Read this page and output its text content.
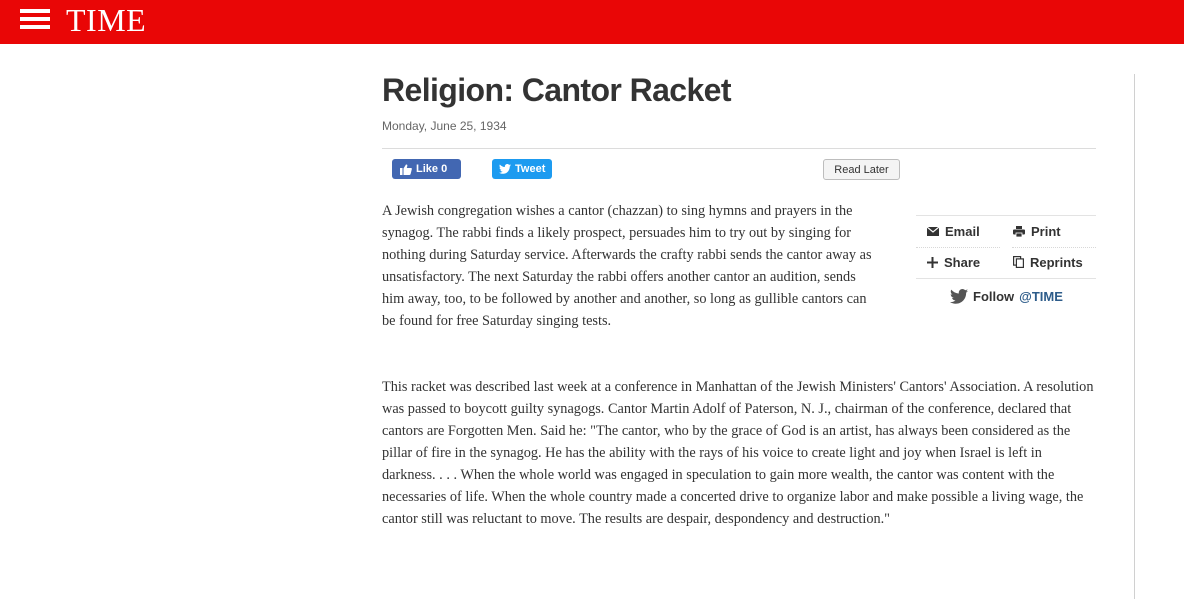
TIME
Religion: Cantor Racket
Monday, June 25, 1934
Like 0	Tweet	Read Later

A Jewish congregation wishes a cantor (chazzan) to sing hymns and prayers in the synagog. The rabbi finds a likely prospect, persuades him to try out by singing for nothing during Saturday service. Afterwards the crafty rabbi sends the cantor away as unsatisfactory. The next Saturday the rabbi offers another cantor an audition, sends him away, too, to be followed by another and another, so long as gullible cantors can be found for free Saturday singing tests.

Email	Print
Share	Reprints
Follow @TIME

This racket was described last week at a conference in Manhattan of the Jewish Ministers' Cantors' Association. A resolution was passed to boycott guilty synagogs. Cantor Martin Adolf of Paterson, N. J., chairman of the conference, declared that cantors are Forgotten Men. Said he: "The cantor, who by the grace of God is an artist, has always been considered as the pillar of fire in the synagog. He has the ability with the rays of his voice to create light and joy when Israel is left in darkness. . . . When the whole world was engaged in speculation to gain more wealth, the cantor was content with the necessaries of life. When the whole country made a concerted drive to organize labor and make possible a living wage, the cantor still was reluctant to move. The results are despair, despondency and destruction."
